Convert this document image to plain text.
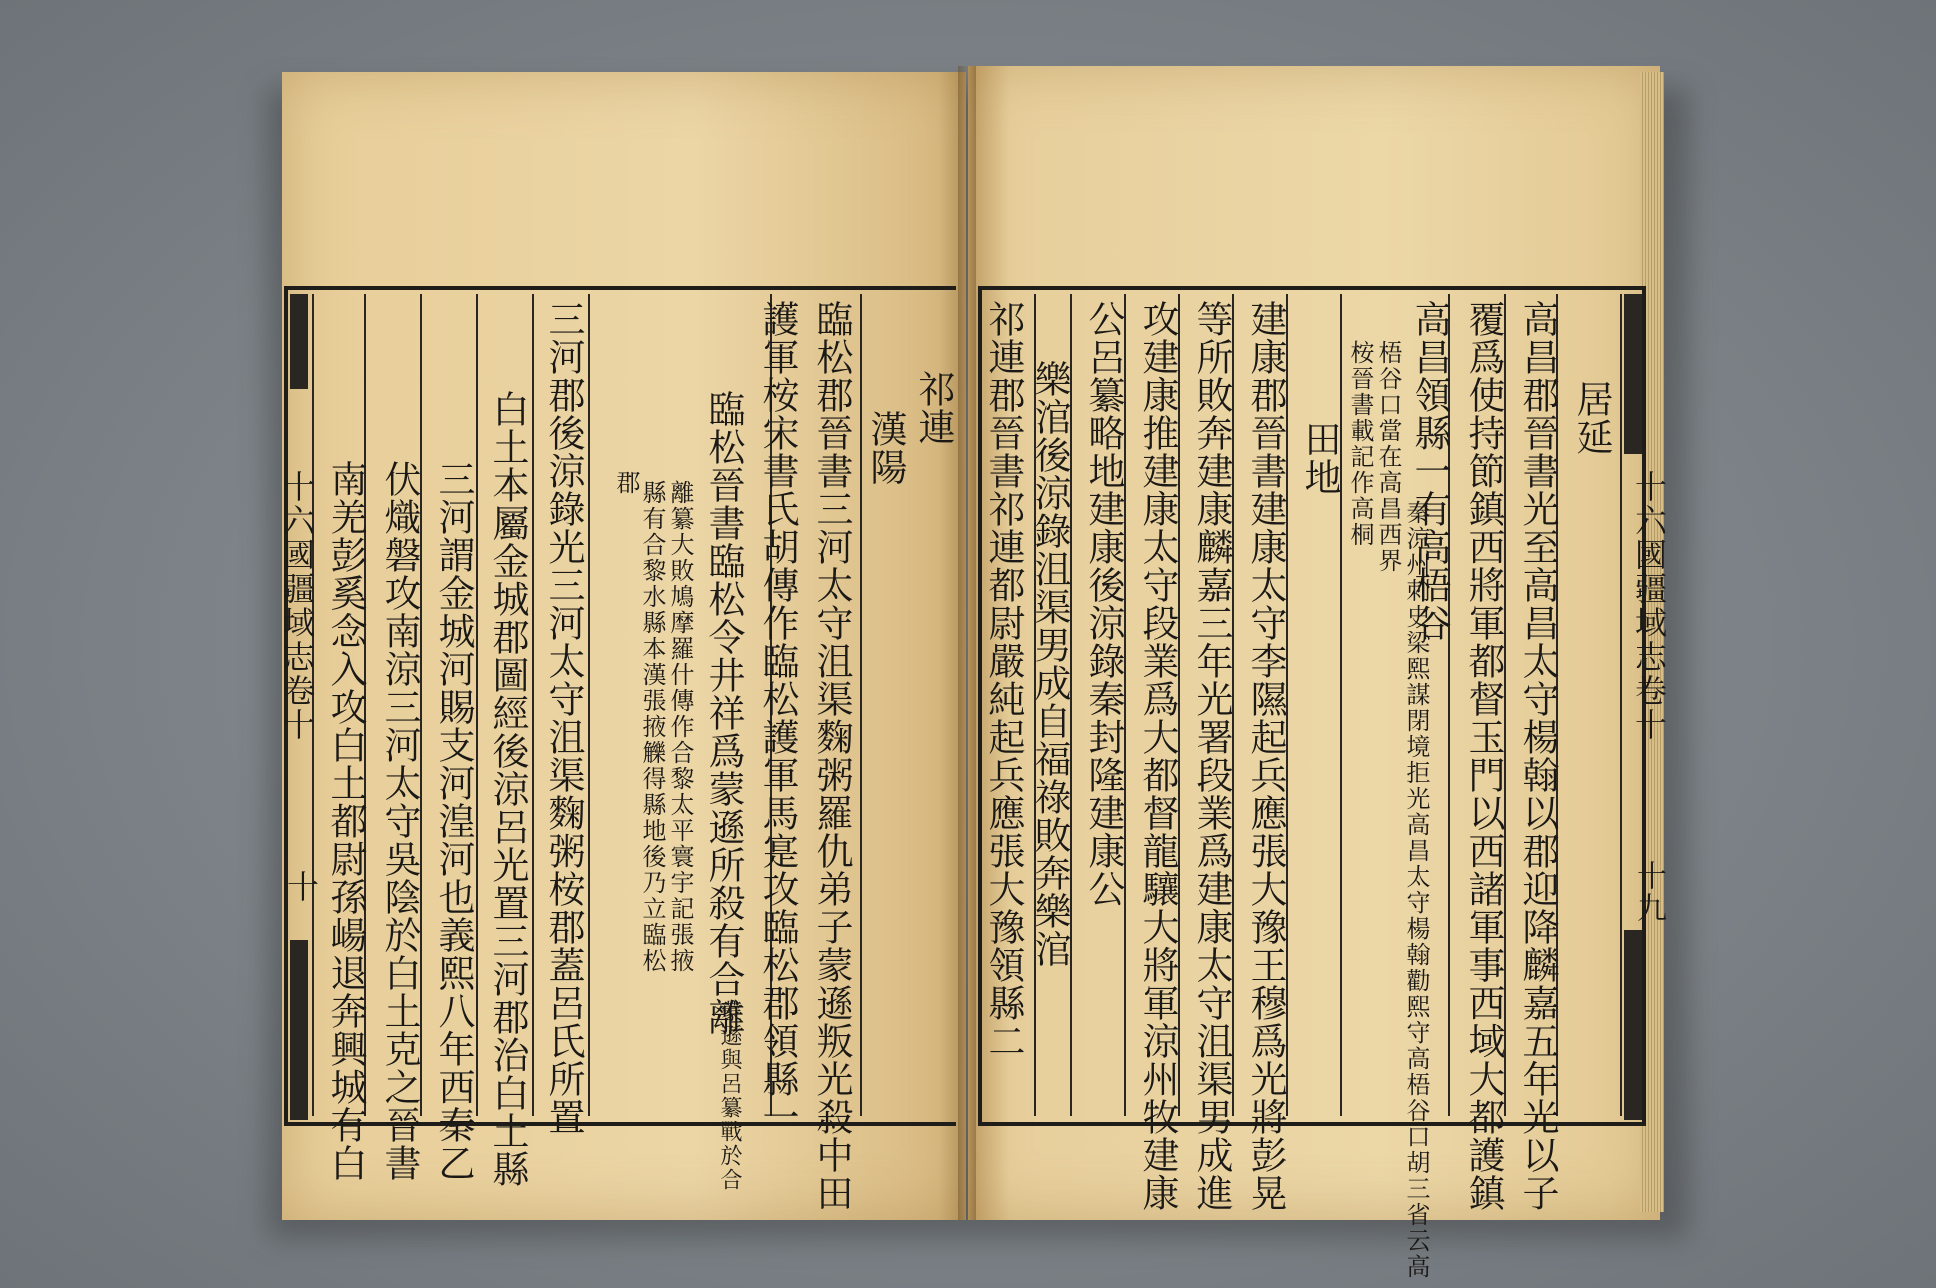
十六國疆域志卷十
十
祁連
漢陽
臨松郡晉書三河太守沮渠麴粥羅仇弟子蒙遜叛光殺中田
護軍桉宋書氏胡傳作臨松護軍馬寔攻臨松郡領縣一
臨松晉書臨松令井祥爲蒙遜所殺有合離
蒙遜與呂纂戰於合
離纂大敗鳩摩羅什傳作合黎太平寰宇記張掖
縣有合黎水縣本漢張掖觻得縣地後乃立臨松
郡
三河郡後涼錄光三河太守沮渠麴粥桉郡蓋呂氏所置
白土本屬金城郡圖經後涼呂光置三河郡治白土縣
三河謂金城河賜支河湟河也義熙八年西秦乙
伏熾磐攻南涼三河太守吳陰於白土克之晉書
南羌彭奚念入攻白土都尉孫崵退奔興城有白	十六國疆域志卷十
十九
居延
高昌郡晉書光至高昌太守楊翰以郡迎降麟嘉五年光以子
覆爲使持節鎮西將軍都督玉門以西諸軍事西域大都護鎮
高昌領縣一有高梧谷
秦涼州刺史梁熙謀閉境拒光高昌太守楊翰勸熙守高梧谷口胡三省云高
梧谷口當在高昌西界
桉晉書載記作高桐
田地
建康郡晉書建康太守李隰起兵應張大豫王穆爲光將彭晃
等所敗奔建康麟嘉三年光署段業爲建康太守沮渠男成進
攻建康推建康太守段業爲大都督龍驤大將軍涼州牧建康
公呂纂略地建康後涼錄秦封隆建康公
樂涫後涼錄沮渠男成自福祿敗奔樂涫
祁連郡晉書祁連都尉嚴純起兵應張大豫領縣二
